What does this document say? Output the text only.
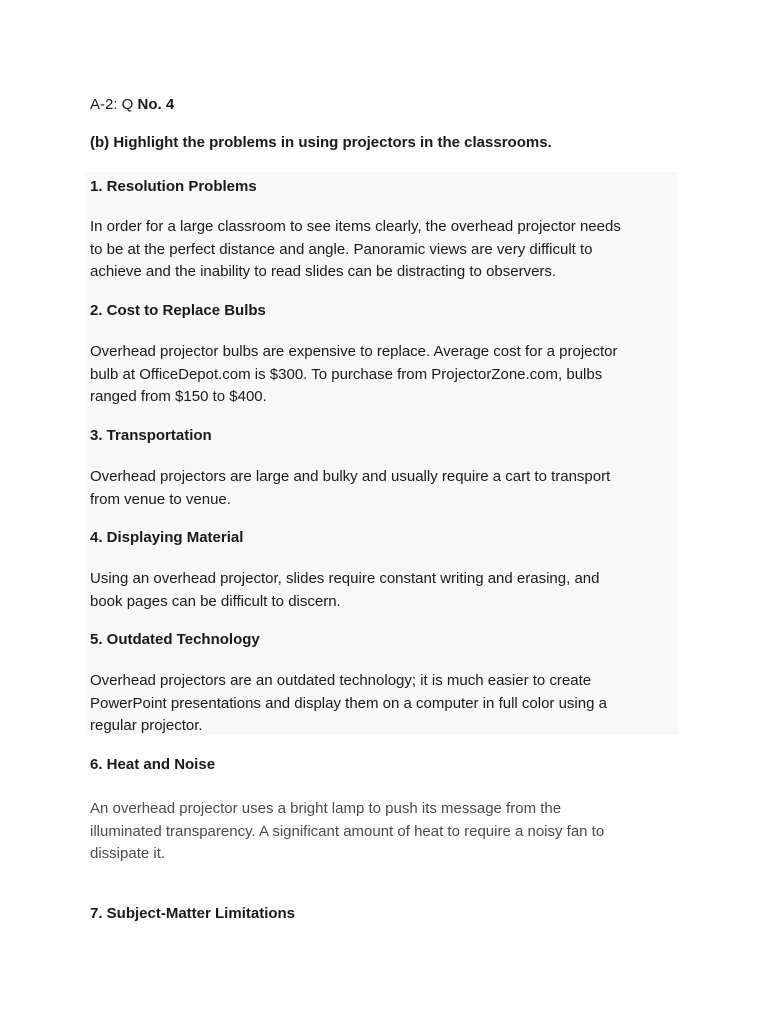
A-2: Q No. 4
(b) Highlight the problems in using projectors in the classrooms.
1. Resolution Problems

In order for a large classroom to see items clearly, the overhead projector needs
to be at the perfect distance and angle. Panoramic views are very difficult to
achieve and the inability to read slides can be distracting to observers.

2. Cost to Replace Bulbs

Overhead projector bulbs are expensive to replace. Average cost for a projector
bulb at OfficeDepot.com is $300. To purchase from ProjectorZone.com, bulbs
ranged from $150 to $400.

3. Transportation

Overhead projectors are large and bulky and usually require a cart to transport
from venue to venue.

4. Displaying Material

Using an overhead projector, slides require constant writing and erasing, and
book pages can be difficult to discern.

5. Outdated Technology

Overhead projectors are an outdated technology; it is much easier to create
PowerPoint presentations and display them on a computer in full color using a
regular projector.

6. Heat and Noise

An overhead projector uses a bright lamp to push its message from the
illuminated transparency. A significant amount of heat to require a noisy fan to
dissipate it.

7. Subject-Matter Limitations
